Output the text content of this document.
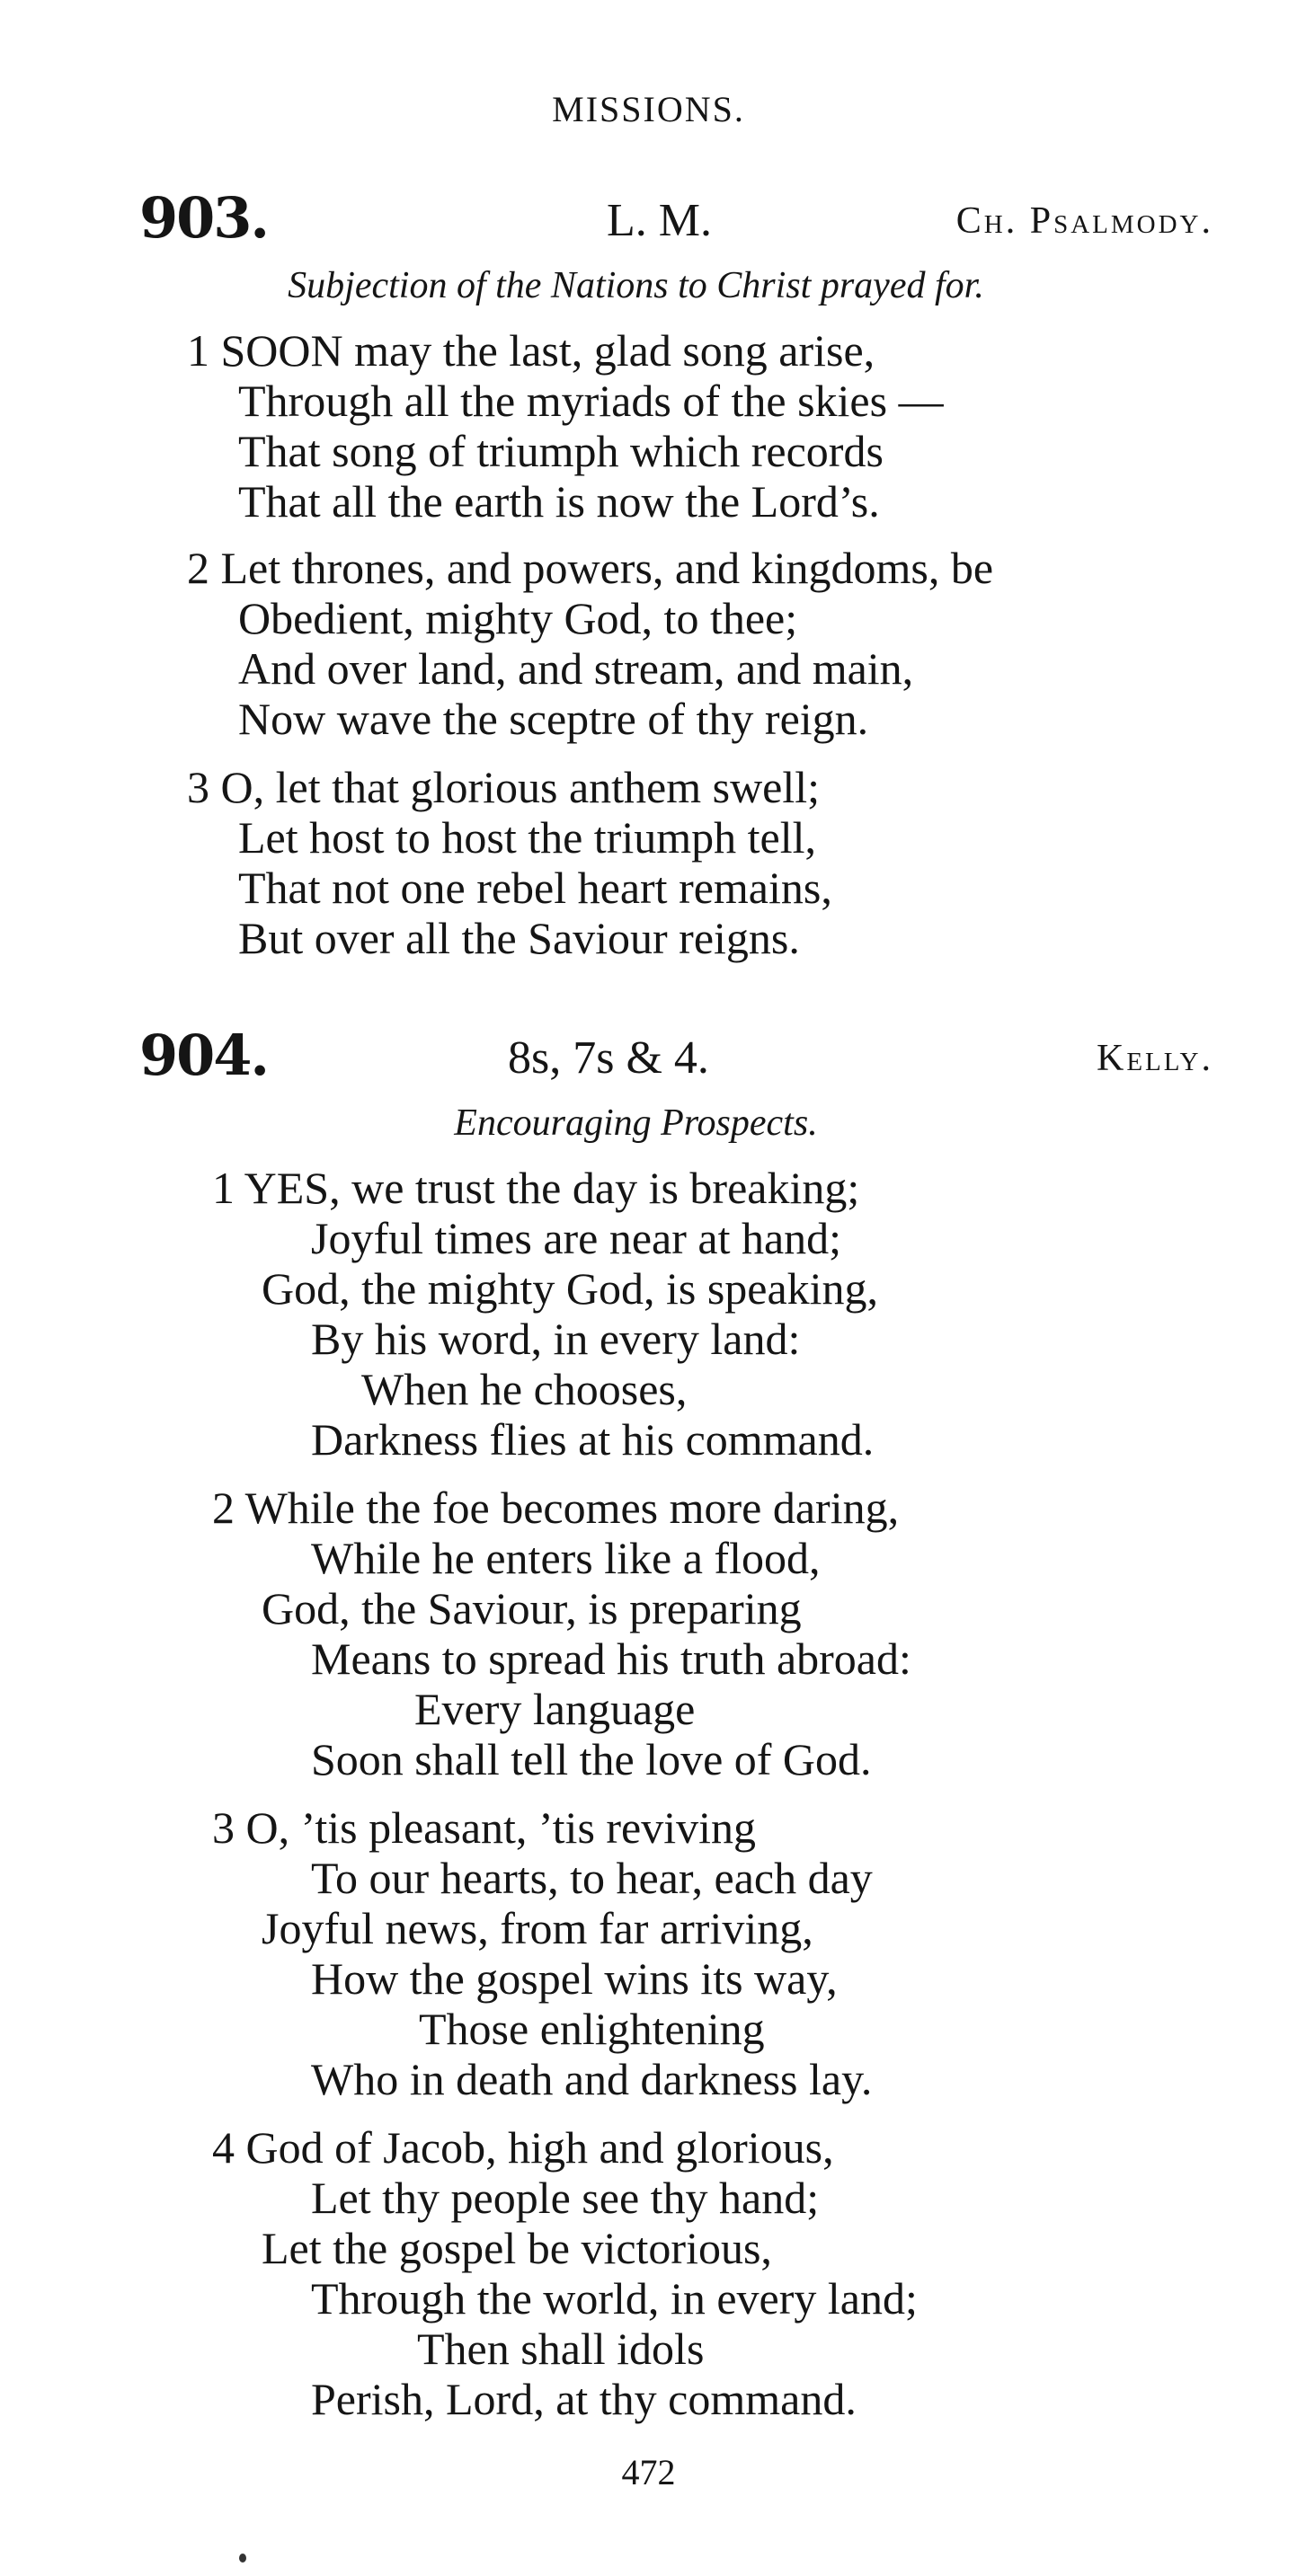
MISSIONS.
903.	L. M.	Ch. Psalmody.
Subjection of the Nations to Christ prayed for.
1 SOON may the last, glad song arise,
Through all the myriads of the skies —
That song of triumph which records
That all the earth is now the Lord’s.
2 Let thrones, and powers, and kingdoms, be
Obedient, mighty God, to thee;
And over land, and stream, and main,
Now wave the sceptre of thy reign.
3 O, let that glorious anthem swell;
Let host to host the triumph tell,
That not one rebel heart remains,
But over all the Saviour reigns.
904.	8s, 7s & 4.	Kelly.
Encouraging Prospects.
1 YES, we trust the day is breaking;
Joyful times are near at hand;
God, the mighty God, is speaking,
By his word, in every land:
When he chooses,
Darkness flies at his command.
2 While the foe becomes more daring,
While he enters like a flood,
God, the Saviour, is preparing
Means to spread his truth abroad:
Every language
Soon shall tell the love of God.
3 O, ’tis pleasant, ’tis reviving
To our hearts, to hear, each day
Joyful news, from far arriving,
How the gospel wins its way,
Those enlightening
Who in death and darkness lay.
4 God of Jacob, high and glorious,
Let thy people see thy hand;
Let the gospel be victorious,
Through the world, in every land;
Then shall idols
Perish, Lord, at thy command.
472
